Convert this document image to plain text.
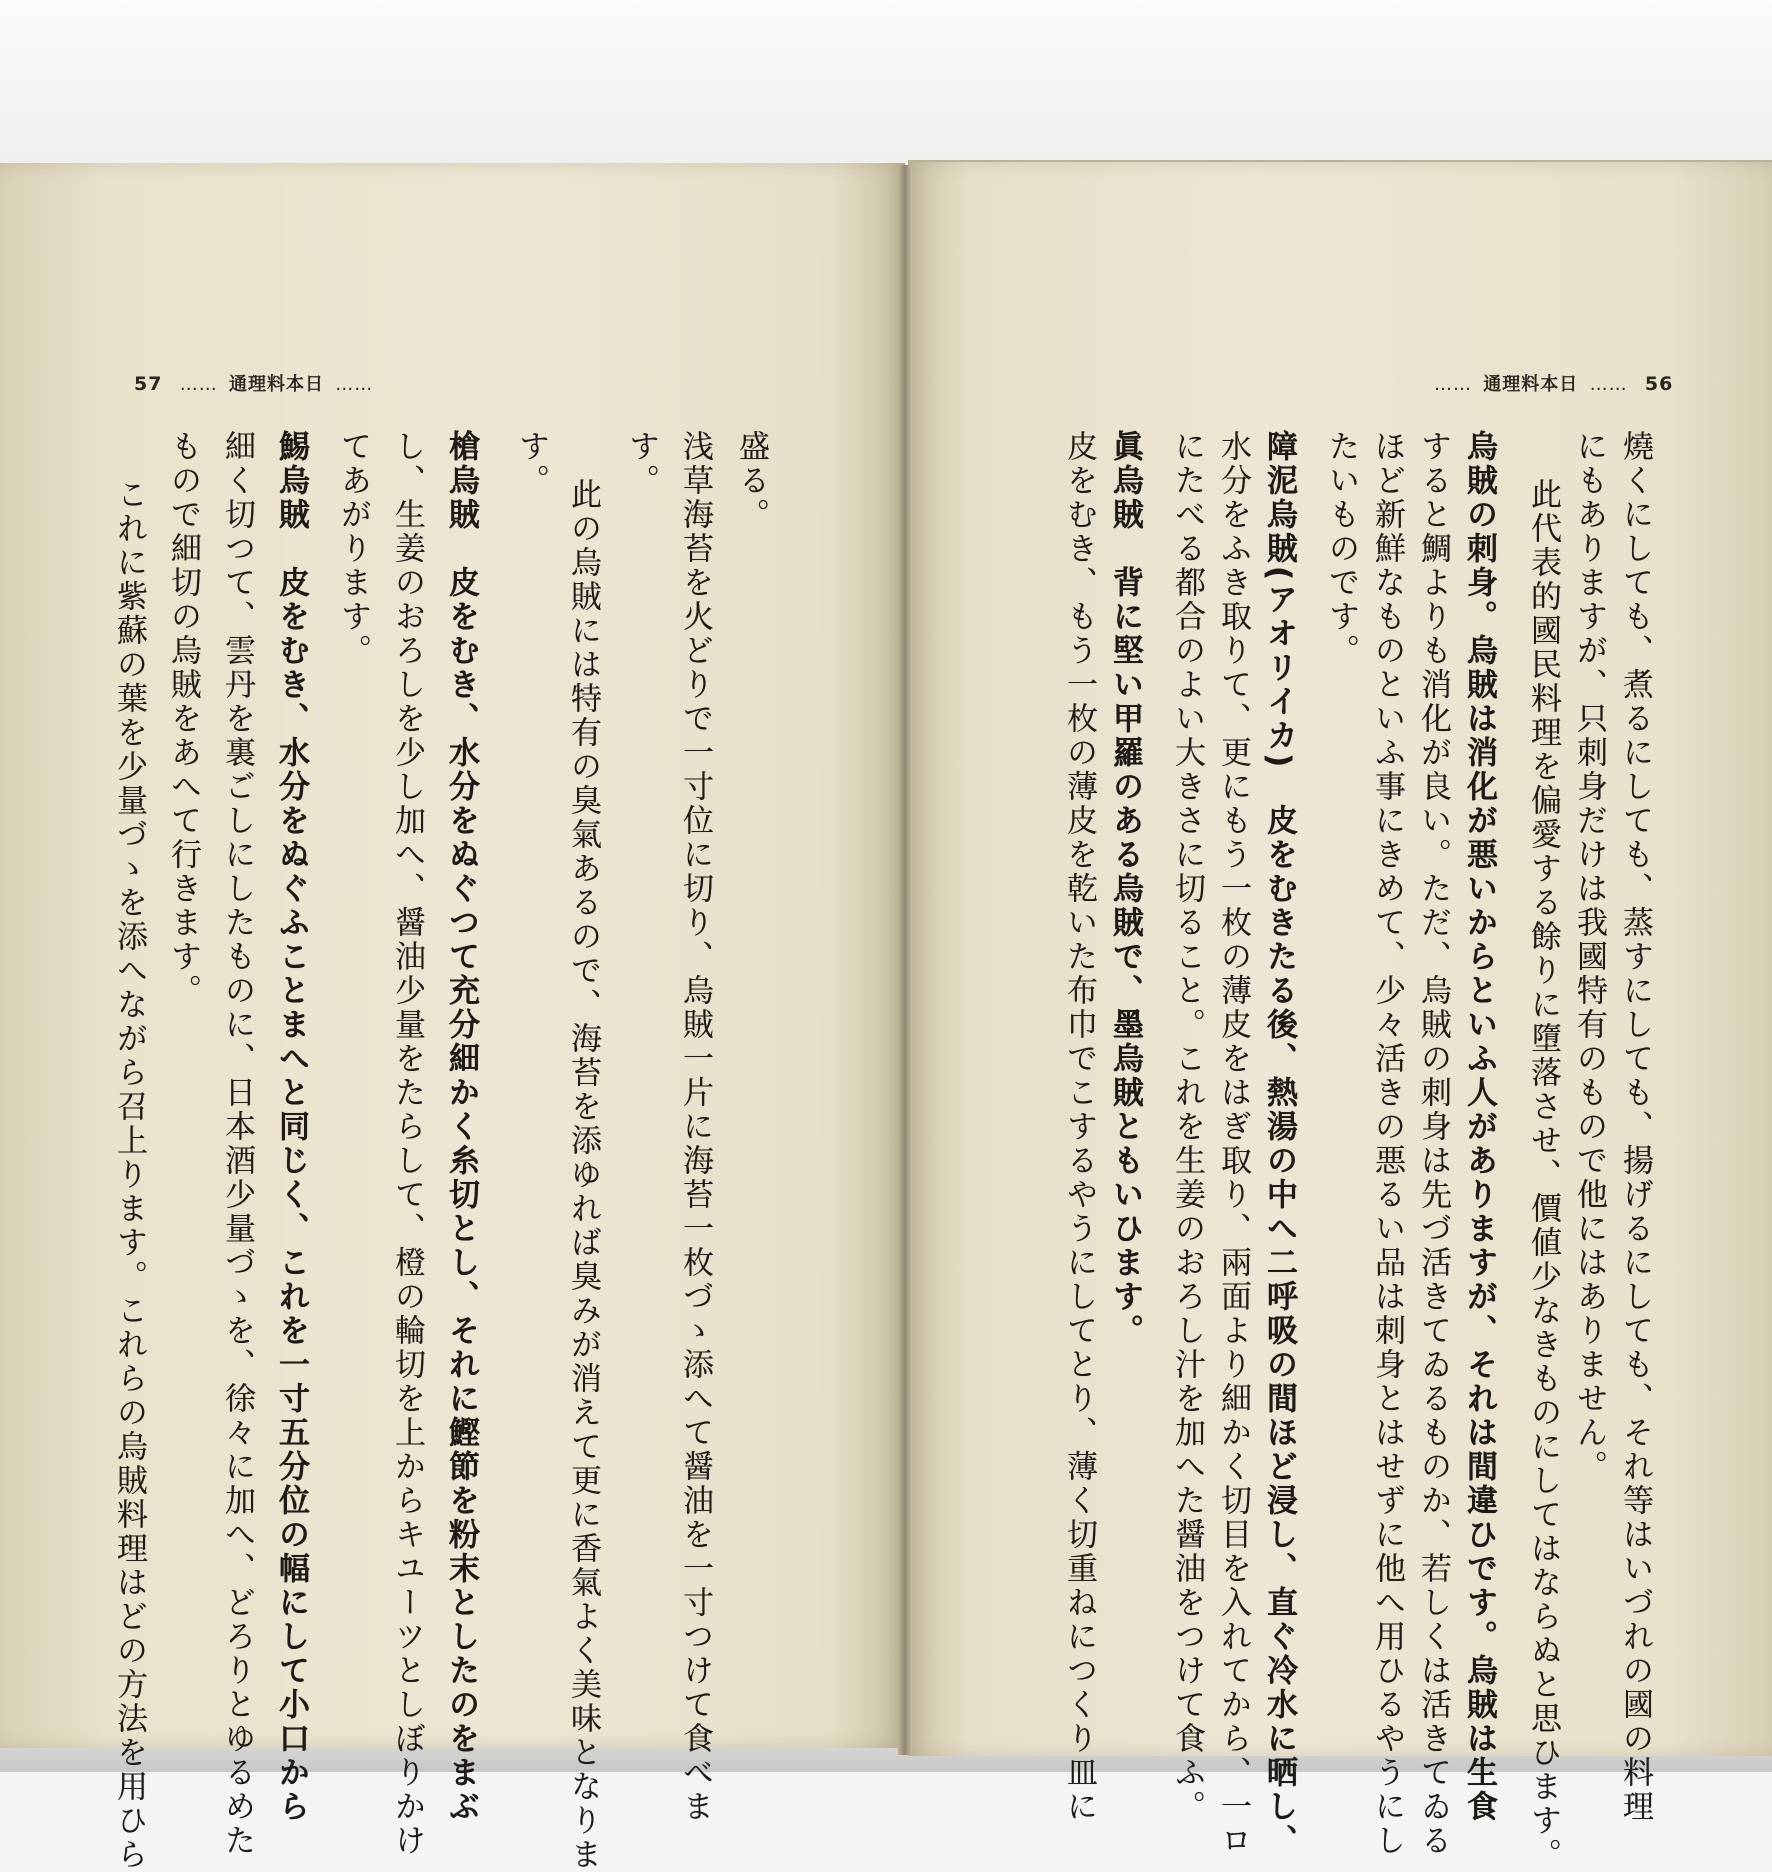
57 …… 通理料本日 ……	…… 通理料本日 …… 56
燒くにしても、煮るにしても、蒸すにしても、揚げるにしても、それ等はいづれの國の料理
にもありますが、只刺身だけは我國特有のもので他にはありません。
此代表的國民料理を偏愛する餘りに墮落させ、價値少なきものにしてはならぬと思ひます。
烏賊の刺身。烏賊は消化が悪いからといふ人がありますが、それは間違ひです。烏賊は生食
すると鯛よりも消化が良い。ただ、烏賊の刺身は先づ活きてゐるものか、若しくは活きてゐる
ほど新鮮なものといふ事にきめて、少々活きの悪るい品は刺身とはせずに他へ用ひるやうにし
たいものです。
障泥烏賊(アオリイカ)　皮をむきたる後、熱湯の中へ二呼吸の間ほど浸し、直ぐ冷水に晒し、
水分をふき取りて、更にもう一枚の薄皮をはぎ取り、兩面より細かく切目を入れてから、一ロ
にたべる都合のよい大きさに切ること。これを生姜のおろし汁を加へた醤油をつけて食ふ。
眞烏賊　背に堅い甲羅のある烏賊で、墨烏賊ともいひます。
皮をむき、もう一枚の薄皮を乾いた布巾でこするやうにしてとり、薄く切重ねにつくり皿に
盛る。
浅草海苔を火どりで一寸位に切り、烏賊一片に海苔一枚づゝ添へて醤油を一寸つけて食べま
す。
此の烏賊には特有の臭氣あるので、海苔を添ゆれば臭みが消えて更に香氣よく美味となりま
す。
槍烏賊　皮をむき、水分をぬぐつて充分細かく糸切とし、それに鰹節を粉末としたのをまぶ
し、生姜のおろしを少し加へ、醤油少量をたらして、橙の輪切を上からキユーツとしぼりかけ
てあがります。
鯣烏賊　皮をむき、水分をぬぐふことまへと同じく、これを一寸五分位の幅にして小口から
細く切つて、雲丹を裏ごしにしたものに、日本酒少量づゝを、徐々に加へ、どろりとゆるめた
もので細切の烏賊をあへて行きます。
これに紫蘇の葉を少量づゝを添へながら召上ります。これらの烏賊料理はどの方法を用ひら
